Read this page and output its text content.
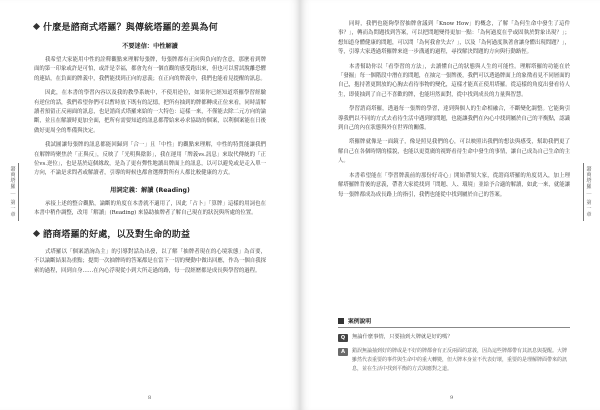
諮商塔羅 ｜ 第一章
什麼是諮商式塔羅？與傳統塔羅的差異為何
不要迷信：中性解讀

我希望大家能用中性的詮釋觀點來理解每張牌，每張牌都有正向與負向的含意，那麼看到牌面的第一印象或許是可怕，或許是幸福，都會先有一個直觀的感受跑出來，但也可以嘗試脫離恐懼的連結，在負面的牌義中，我們能找到正向的意義；在正向的牌義中，我們也能看見提醒的訊息。

因此，在本書的學習內容以及我的教學系統中，不使用逆位，如果你已經知道塔羅學習經驗有逆位的話，我們希望你們可以暫時放下既有的記憶，把所有抽到的牌都轉成正位來看，同時請解讀者預留正反兩面的訊息，也是諮商式塔羅來給的一大特色：這樣一來，不僅能去除二元方向的論斷，並且在解讀時更加全面，把所有需要知道的訊息都帶給來尋求協助的個案，以利個案能在日後做好更周全的準備與決定。

我試圖讓每張牌的訊息都能回歸到「合一」且「中性」的觀點來理解，中性的特質能讓我們在解牌時聚焦於「正與反」，反映了「光明與陰影」，我在運用「牌義vs.訊息」來取代傳統的「正位vs.逆位」，也是基於這個緣故，是為了更有彈性地讀出牌面上的訊息，以可以避免或是走入單一方向，不論是求問者或解讀者，引導的時候也都會選擇對所有人都比較健康的方式。

用詞定義：解讀 (Reading)

承接上述的整合觀點，論斷的角度在本書就不適用了，因此「占卜」「算牌」這樣的用詞也在本書中稍作調整，改用「解讀」(Reading) 來協助抽牌者了解自己現在的狀況與所處的位置。

諮商塔羅的好處，以及對生命的助益

式塔羅以「個案諮詢為主」的引導對話為出發，以了解「抽牌者現在的心境狀態」為首要，不以論斷結果為重點；提問一次抽牌時的答案都是在當下一切的變動中做出回應，作為一個自我探索的過程，回到自身……在內心浮現從小到大所走過的路，每一段經歷都是成長與學習的過程。

8
諮商塔羅 ｜ 第一章

同時，我們也能夠學習抽牌會議到「Know How」的概念，了解「為何生命中發生了這件事？」，轉而為問題找到答案，可以把問題變得更加一點：「為何過度在乎或固執於對象出現？」；想知道身體健康的問題，可以問「為何我會失去？」，以及「為何過度執著會讓身體出現問題？」，等，引導大家透過塔羅牌來進一步溝通的過程，尋找解決問題的方向與行動路徑。

本書幫助你以「看學習的方法」，去讀懂自己的狀態與人生的可能性。理解塔羅的功能在於「發掘」每一個階段中潛在的問題，在抽完一張牌後，我們可以透過牌面上的象徵看見不同層面的自己，抱持著更開放的心胸去看待事物的變化，這樣才能真正使用塔羅。從這樣的角度出發看待人生，即使抽到了自己不喜歡的牌，也能坦然面對，從中找到成長的力量與智慧。

學習諮商塔羅，透過每一張牌的學習，達到與個人的生命相融合，不斷變化調整。它能夠引導我們以不同的方式去看待生活中遇到的問題，也能讓我們在內心中找到屬於自己的平衡點，認識到自己的內在狀態與外在世界的關係。

塔羅牌就像是一面鏡子，像是照見我們的心，可以映照出我們的想法與感受，幫助我們更了解自己在各個時期的樣貌，也能以更寬廣的視野看待生命中發生的事情，讓自己成為自己生命的主人。

本書希望能在「學習牌義前的那份好奇心」開始帶領大家，從諮商塔羅的角度切入，加上理解塔羅牌背後的意義，帶著大家從找到「問題、人、環境」並給予合適的解讀，如此一來，就能讓每一張牌都成為成長路上的指引，我們也能從中找到屬於自己的答案。

案例說明
Q	無論什麼事情，只要抽到大牌就是好的嗎？
A	錯誤無論抽到好的牌或是不好的牌都會有正反兩面的意義，因為這些牌都帶有其訊息與提醒。大牌雖然代表重要的事件與生命中的重大轉變，但大牌本身並不代表好壞，重要的是理解牌面帶來的訊息，並在生活中找到平衡的方式與應對之道。
9
